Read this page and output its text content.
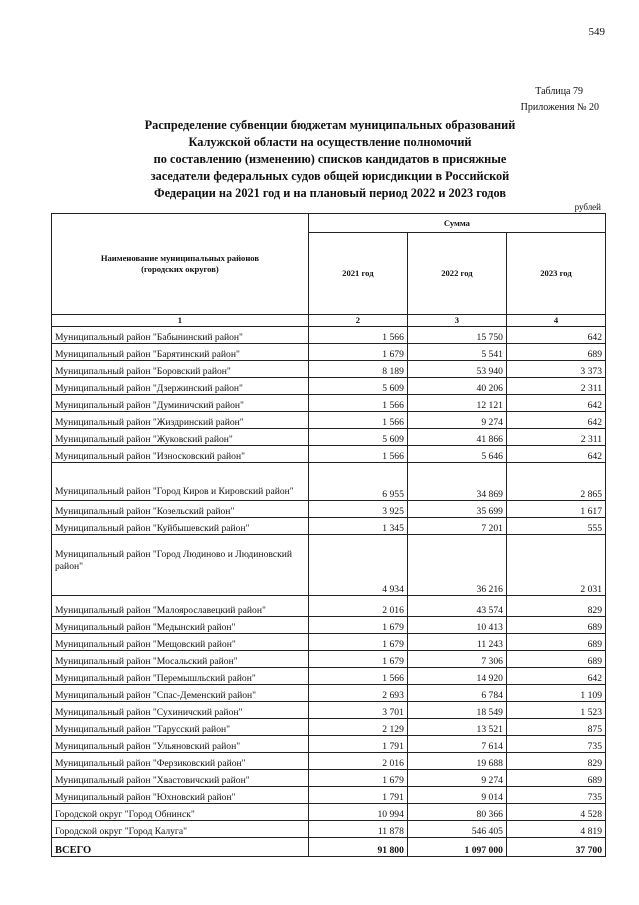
549
Таблица 79
Приложения № 20
Распределение субвенции бюджетам муниципальных образований
Калужской области на осуществление полномочий
по составлению (изменению) списков кандидатов в присяжные
заседатели федеральных судов общей юрисдикции в Российской
Федерации на 2021 год и на плановый период 2022 и 2023 годов
рублей
Наименование муниципальных районов
(городских округов)	Сумма		
	2021 год	2022 год	2023 год
1	2	3	4
Муниципальный район "Бабынинский район"	1 566	15 750	642
Муниципальный район "Барятинский район"	1 679	5 541	689
Муниципальный район "Боровский район"	8 189	53 940	3 373
Муниципальный район "Дзержинский район"	5 609	40 206	2 311
Муниципальный район "Думиничский район"	1 566	12 121	642
Муниципальный район "Жиздринский район"	1 566	9 274	642
Муниципальный район "Жуковский район"	5 609	41 866	2 311
Муниципальный район "Износковский район"	1 566	5 646	642
Муниципальный район "Город Киров и Кировский район"	6 955	34 869	2 865
Муниципальный район "Козельский район"	3 925	35 699	1 617
Муниципальный район "Куйбышевский район"	1 345	7 201	555
Муниципальный район "Город Людиново и Людиновский район"	4 934	36 216	2 031
Муниципальный район "Малоярославецкий район"	2 016	43 574	829
Муниципальный район "Медынский район"	1 679	10 413	689
Муниципальный район "Мещовский район"	1 679	11 243	689
Муниципальный район "Мосальский район"	1 679	7 306	689
Муниципальный район "Перемышльский район"	1 566	14 920	642
Муниципальный район "Спас-Деменский район"	2 693	6 784	1 109
Муниципальный район "Сухиничский район"	3 701	18 549	1 523
Муниципальный район "Тарусский район"	2 129	13 521	875
Муниципальный район "Ульяновский район"	1 791	7 614	735
Муниципальный район "Ферзиковский район"	2 016	19 688	829
Муниципальный район "Хвастовичский район"	1 679	9 274	689
Муниципальный район "Юхновский район"	1 791	9 014	735
Городской округ "Город Обнинск"	10 994	80 366	4 528
Городской округ "Город Калуга"	11 878	546 405	4 819
ВСЕГО	91 800	1 097 000	37 700
